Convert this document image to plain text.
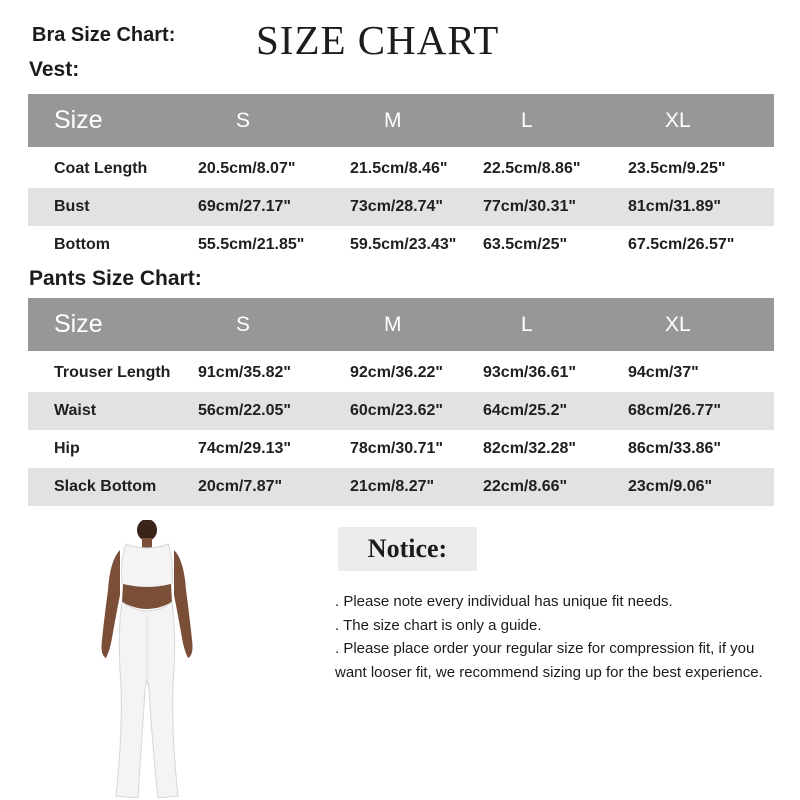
Bra Size Chart: SIZE CHART
Vest:
Size	S	M	L	XL
Coat Length	20.5cm/8.07"	21.5cm/8.46" 22.5cm/8.86"	23.5cm/9.25"
Bust	69cm/27.17"	73cm/28.74"	77cm/30.31"	81cm/31.89"
Bottom	55.5cm/21.85"	59.5cm/23.43" 63.5cm/25"	67.5cm/26.57"
Pants Size Chart:
Size	S	M	L	XL
Trouser Length 91cm/35.82"	92cm/36.22"	93cm/36.61"	94cm/37"
Waist	56cm/22.05"	60cm/23.62"	64cm/25.2"	68cm/26.77"
Hip	74cm/29.13"	78cm/30.71"	82cm/32.28"	86cm/33.86"
Slack Bottom	20cm/7.87"	21cm/8.27"	22cm/8.66"	23cm/9.06"
Notice:

. Please note every individual has unique fit needs.

. The size chart is only a guide.

. Please place order your regular size for compression fit, if you want looser fit, we recommend sizing up for the best experience.
